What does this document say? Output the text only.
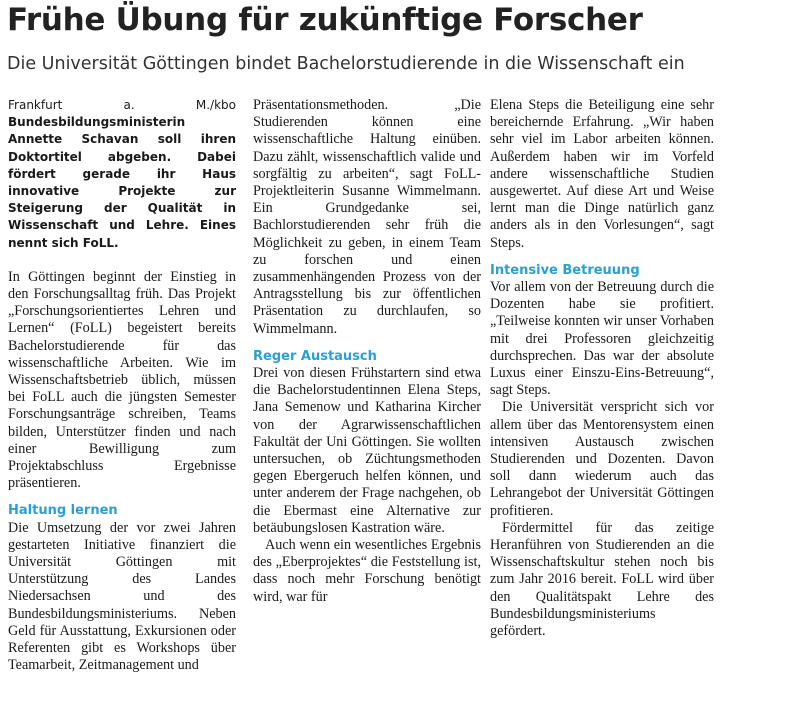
Frühe Übung für zukünftige Forscher
Die Universität Göttingen bindet Bachelorstudierende in die Wissenschaft ein

Frankfurt a. M./kbo Bundesbildungsministerin Annette Schavan soll ihren Doktortitel abgeben. Dabei fördert gerade ihr Haus innovative Projekte zur Steigerung der Qualität in Wissenschaft und Lehre. Eines nennt sich FoLL.

In Göttingen beginnt der Einstieg in den Forschungsalltag früh. Das Projekt „Forschungsorientiertes Lehren und Lernen“ (FoLL) begeistert bereits Bachelorstudierende für das wissenschaftliche Arbeiten. Wie im Wissenschaftsbetrieb üblich, müssen bei FoLL auch die jüngsten Semester Forschungsanträge schreiben, Teams bilden, Unterstützer finden und nach einer Bewilligung zum Projektabschluss Ergebnisse präsentieren.

Haltung lernen

Die Umsetzung der vor zwei Jahren gestarteten Initiative finanziert die Universität Göttingen mit Unterstützung des Landes Niedersachsen und des Bundesbildungsministeriums. Neben Geld für Ausstattung, Exkursionen oder Referenten gibt es Workshops über Teamarbeit, Zeitmanagement und

Präsentationsmethoden. „Die Studierenden können eine wissenschaftliche Haltung einüben. Dazu zählt, wissenschaftlich valide und sorgfältig zu arbeiten“, sagt FoLL-Projektleiterin Susanne Wimmelmann. Ein Grundgedanke sei, Bachlorstudierenden sehr früh die Möglichkeit zu geben, in einem Team zu forschen und einen zusammenhängenden Prozess von der Antragsstellung bis zur öffentlichen Präsentation zu durchlaufen, so Wimmelmann.

Reger Austausch

Drei von diesen Frühstartern sind etwa die Bachelorstudentinnen Elena Steps, Jana Semenow und Katharina Kircher von der Agrarwissenschaftlichen Fakultät der Uni Göttingen. Sie wollten untersuchen, ob Züchtungsmethoden gegen Ebergeruch helfen können, und unter anderem der Frage nachgehen, ob die Ebermast eine Alternative zur betäubungslosen Kastration wäre.

Auch wenn ein wesentliches Ergebnis des „Eberprojektes“ die Feststellung ist, dass noch mehr Forschung benötigt wird, war für

Elena Steps die Beteiligung eine sehr bereichernde Erfahrung. „Wir haben sehr viel im Labor arbeiten können. Außerdem haben wir im Vorfeld andere wissenschaftliche Studien ausgewertet. Auf diese Art und Weise lernt man die Dinge natürlich ganz anders als in den Vorlesungen“, sagt Steps.

Intensive Betreuung

Vor allem von der Betreuung durch die Dozenten habe sie profitiert. „Teilweise konnten wir unser Vorhaben mit drei Professoren gleichzeitig durchsprechen. Das war der absolute Luxus einer Einszu-Eins-Betreuung“, sagt Steps.

Die Universität verspricht sich vor allem über das Mentorensystem einen intensiven Austausch zwischen Studierenden und Dozenten. Davon soll dann wiederum auch das Lehrangebot der Universität Göttingen profitieren.

Fördermittel für das zeitige Heranführen von Studierenden an die Wissenschaftskultur stehen noch bis zum Jahr 2016 bereit. FoLL wird über den Qualitätspakt Lehre des Bundesbildungsministeriums gefördert.
